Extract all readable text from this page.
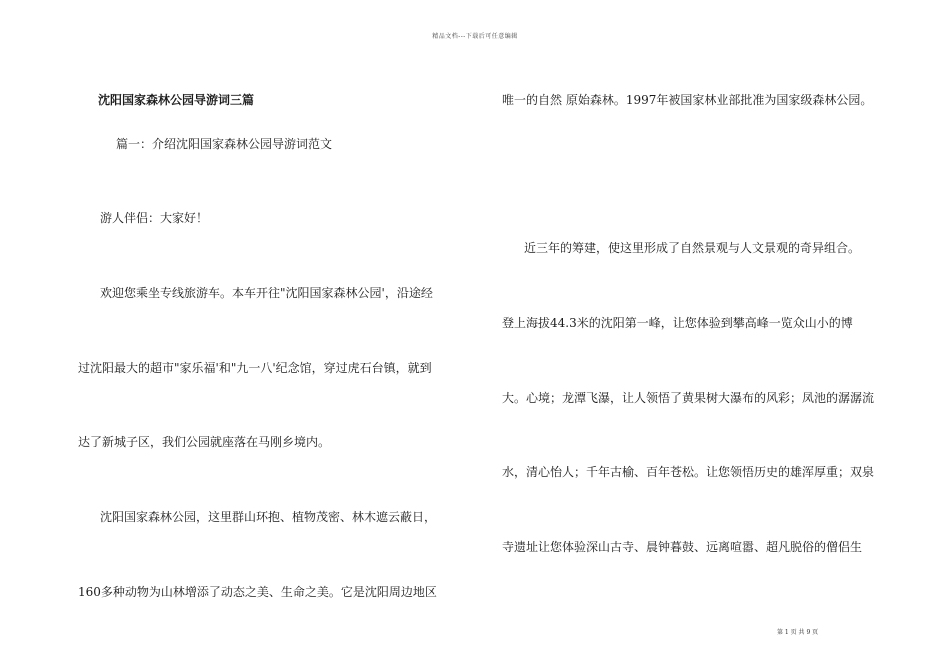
精品文档---下载后可任意编辑
沈阳国家森林公园导游词三篇
篇一：介绍沈阳国家森林公园导游词范文
游人伴侣：大家好！
欢迎您乘坐专线旅游车。本车开往"沈阳国家森林公园'，沿途经
过沈阳最大的超市"家乐福'和"九一八'纪念馆，穿过虎石台镇，就到
达了新城子区，我们公园就座落在马刚乡境内。
沈阳国家森林公园，这里群山环抱、植物茂密、林木遮云蔽日，
160多种动物为山林增添了动态之美、生命之美。它是沈阳周边地区
唯一的自然 原始森林。1997年被国家林业部批准为国家级森林公园。
近三年的筹建，使这里形成了自然景观与人文景观的奇异组合。
登上海拔44.3米的沈阳第一峰，让您体验到攀高峰一览众山小的博
大。心境；龙潭飞瀑，让人领悟了黄果树大瀑布的风彩；凤池的潺潺流
水，清心怡人；千年古榆、百年苍松。让您领悟历史的雄浑厚重；双泉
寺遗址让您体验深山古寺、晨钟暮鼓、远离喧嚣、超凡脱俗的僧侣生
第 1 页 共 9 页
